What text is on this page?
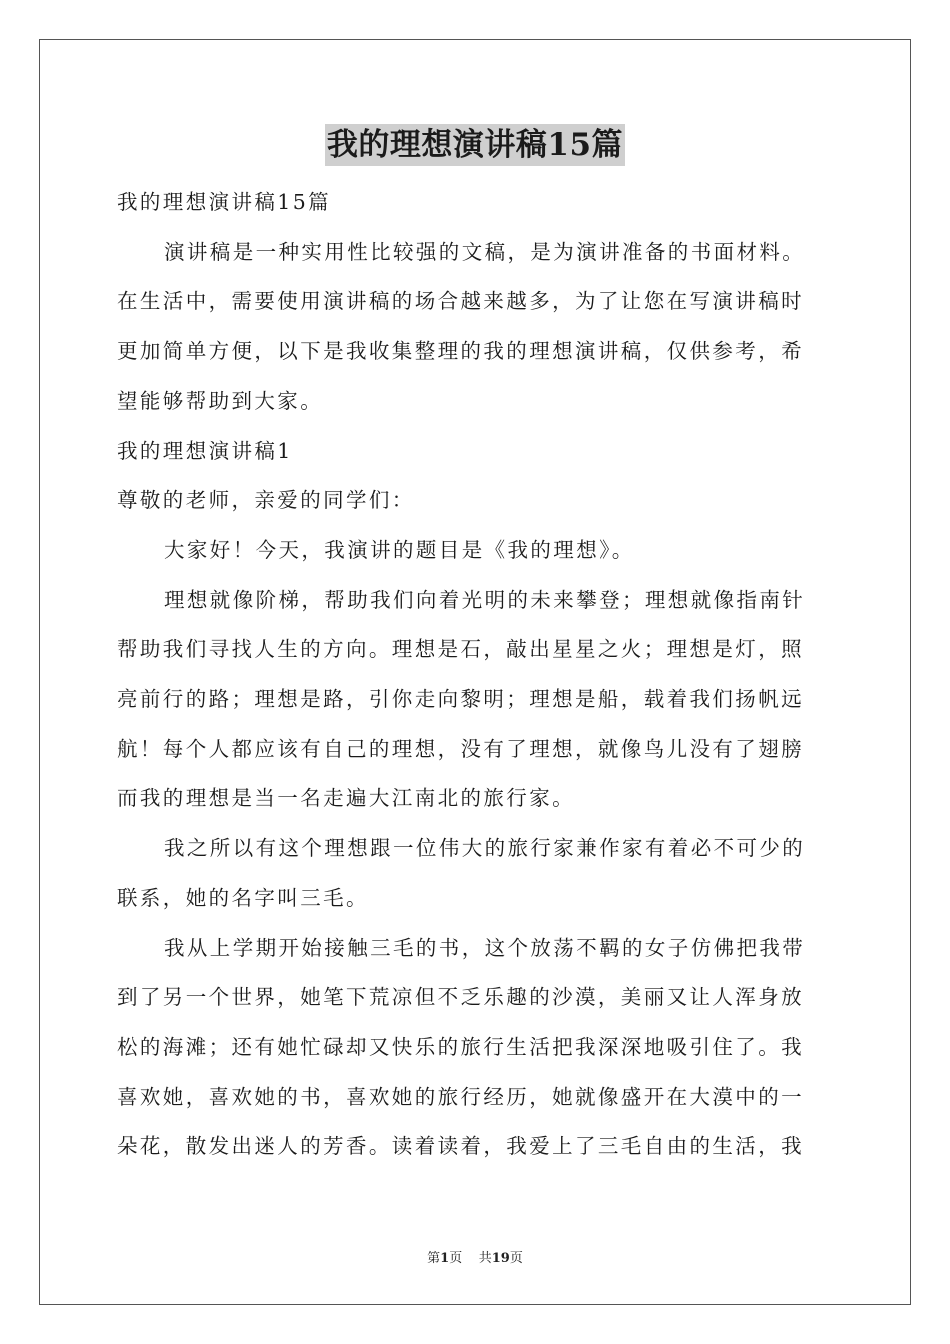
我的理想演讲稿15篇
我的理想演讲稿15篇
演讲稿是一种实用性比较强的文稿，是为演讲准备的书面材料。
在生活中，需要使用演讲稿的场合越来越多，为了让您在写演讲稿时
更加简单方便，以下是我收集整理的我的理想演讲稿，仅供参考，希
望能够帮助到大家。
我的理想演讲稿1
尊敬的老师，亲爱的同学们：
大家好！今天，我演讲的题目是《我的理想》。
理想就像阶梯，帮助我们向着光明的未来攀登；理想就像指南针
帮助我们寻找人生的方向。理想是石，敲出星星之火；理想是灯，照
亮前行的路；理想是路，引你走向黎明；理想是船，载着我们扬帆远
航！每个人都应该有自己的理想，没有了理想，就像鸟儿没有了翅膀
而我的理想是当一名走遍大江南北的旅行家。
我之所以有这个理想跟一位伟大的旅行家兼作家有着必不可少的
联系，她的名字叫三毛。
我从上学期开始接触三毛的书，这个放荡不羁的女子仿佛把我带
到了另一个世界，她笔下荒凉但不乏乐趣的沙漠，美丽又让人浑身放
松的海滩；还有她忙碌却又快乐的旅行生活把我深深地吸引住了。我
喜欢她，喜欢她的书，喜欢她的旅行经历，她就像盛开在大漠中的一
朵花，散发出迷人的芳香。读着读着，我爱上了三毛自由的生活，我
第1页 共19页
